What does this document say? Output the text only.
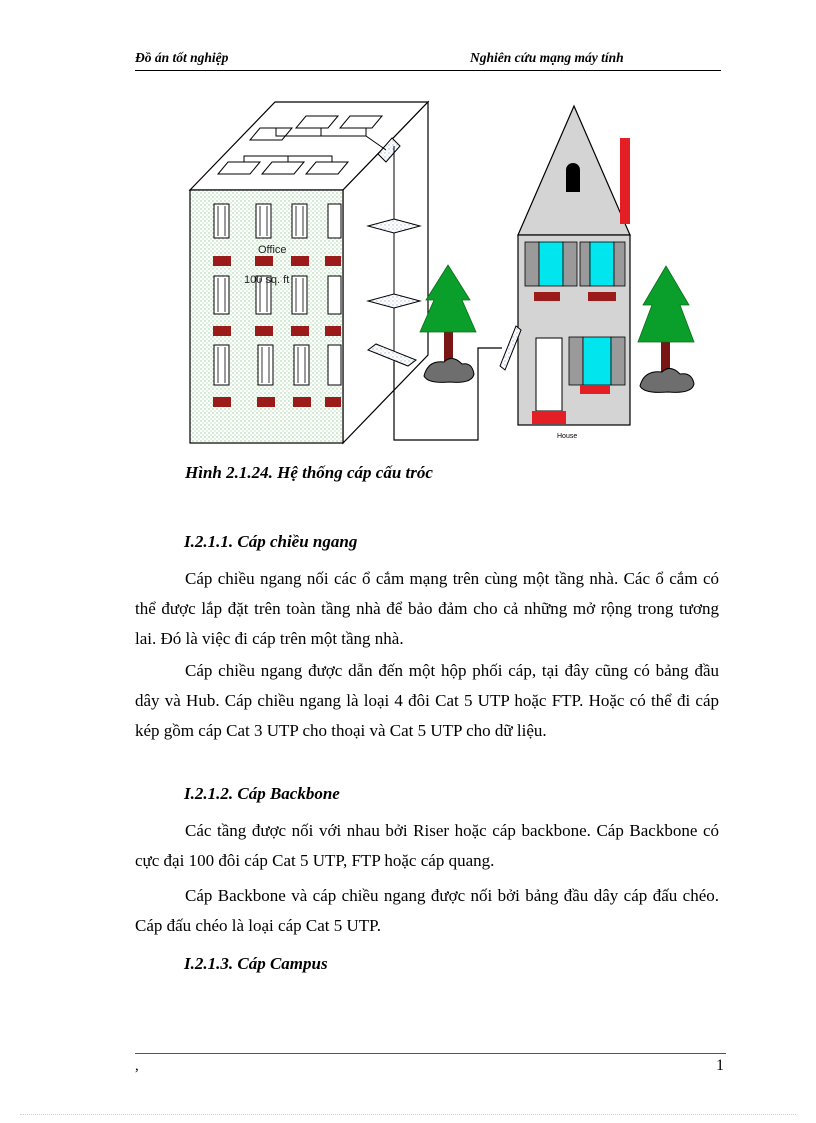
Đồ án tốt nghiệp	Nghiên cứu mạng máy tính
Office
100 sq. ft
House
Hình 2.1.24. Hệ thống cáp cấu tróc
I.2.1.1. Cáp chiều ngang
Cáp chiều ngang nối các ổ cắm mạng trên cùng một tầng nhà. Các ổ cắm có thể được lắp đặt trên toàn tầng nhà để bảo đảm cho cả những mở rộng trong tương lai. Đó là việc đi cáp trên một tầng nhà.
Cáp chiều ngang được dẫn đến một hộp phối cáp, tại đây cũng có bảng đầu dây và Hub. Cáp chiều ngang là loại 4 đôi Cat 5 UTP hoặc FTP. Hoặc có thể đi cáp kép gồm cáp Cat 3 UTP cho thoại và Cat 5 UTP cho dữ liệu.
I.2.1.2. Cáp Backbone
Các tầng được nối với nhau bởi Riser hoặc cáp backbone. Cáp Backbone có cực đại 100 đôi cáp Cat 5 UTP, FTP hoặc cáp quang.
Cáp Backbone và cáp chiều ngang được nối bởi bảng đầu dây cáp đấu chéo. Cáp đấu chéo là loại cáp Cat 5 UTP.
I.2.1.3. Cáp Campus
,	1
